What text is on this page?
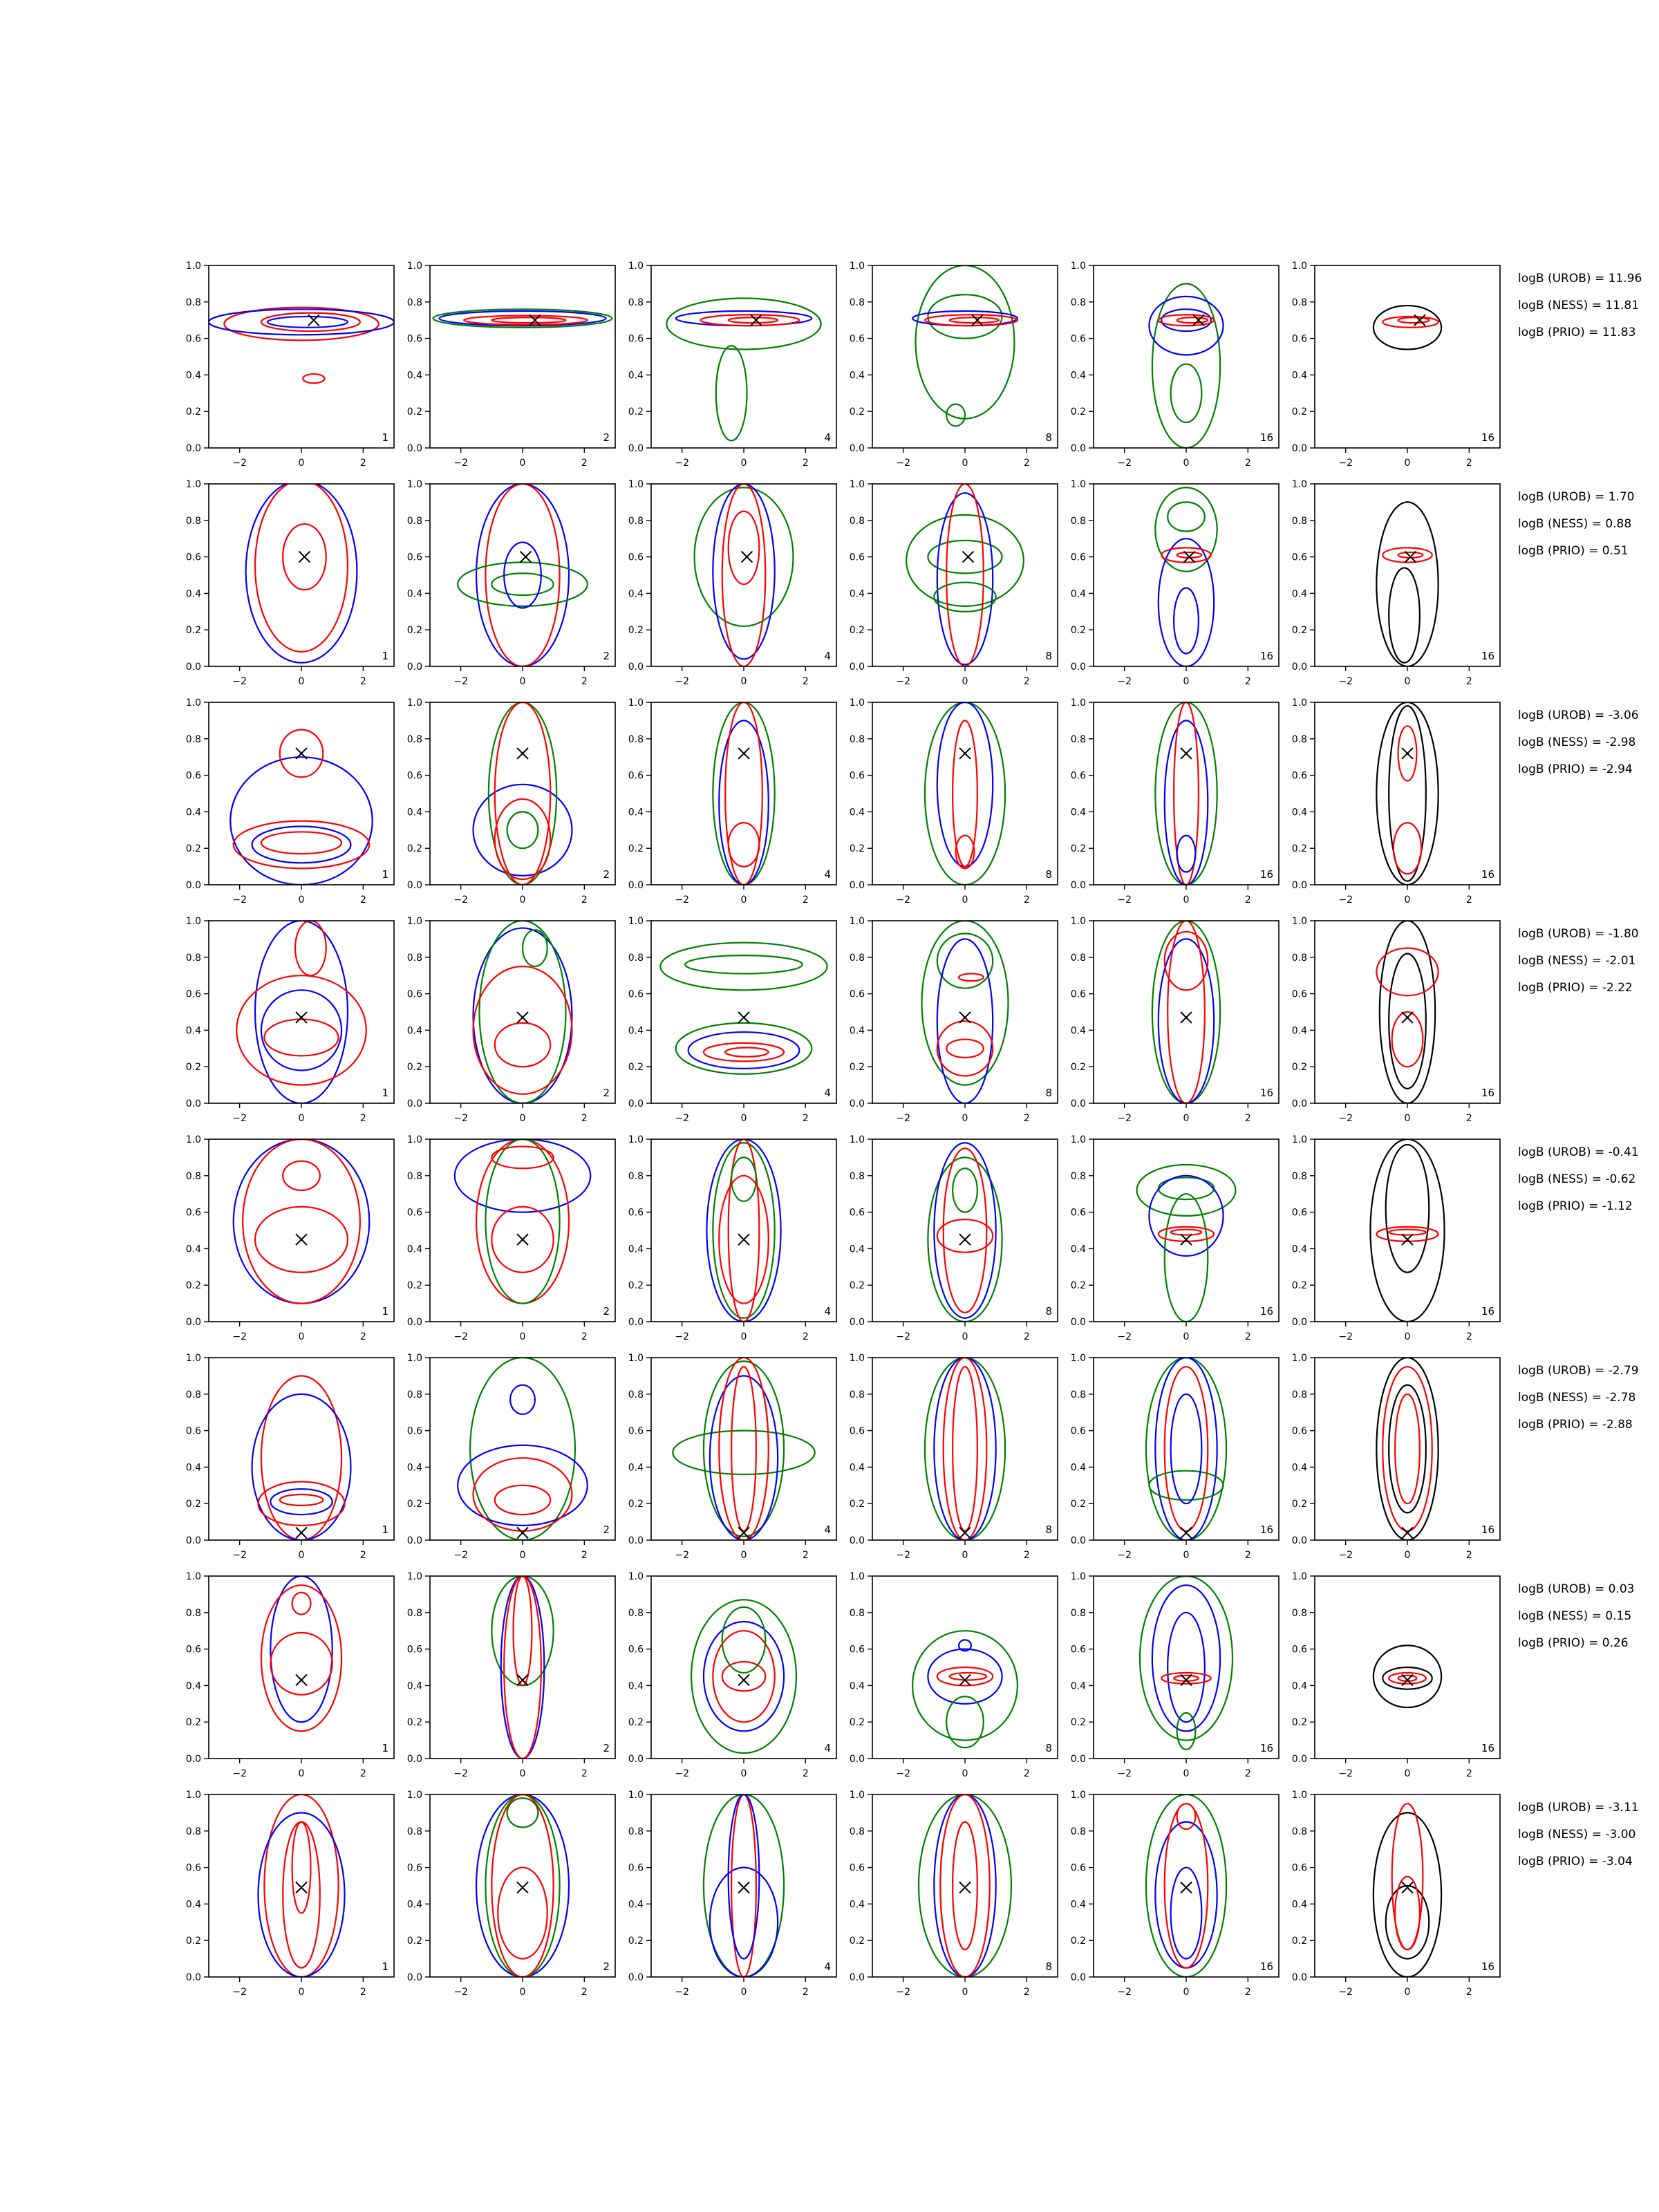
−2	0	2
0.0
0.2
0.4
0.6
0.8
1.0
1
−2	0	2
0.0
0.2
0.4
0.6
0.8
1.0
2
−2	0	2
0.0
0.2
0.4
0.6
0.8
1.0
4
−2	0	2
0.0
0.2
0.4
0.6
0.8
1.0
8
−2	0	2
0.0
0.2
0.4
0.6
0.8
1.0
16
−2	0	2
0.0
0.2
0.4
0.6
0.8
1.0
16
logB (UROB) = 11.96
logB (NESS) = 11.81
logB (PRIO) = 11.83
−2	0	2
0.0
0.2
0.4
0.6
0.8
1.0
1
−2	0	2
0.0
0.2
0.4
0.6
0.8
1.0
2
−2	0	2
0.0
0.2
0.4
0.6
0.8
1.0
4
−2	0	2
0.0
0.2
0.4
0.6
0.8
1.0
8
−2	0	2
0.0
0.2
0.4
0.6
0.8
1.0
16
−2	0	2
0.0
0.2
0.4
0.6
0.8
1.0
16
logB (UROB) = 1.70
logB (NESS) = 0.88
logB (PRIO) = 0.51
−2	0	2
0.0
0.2
0.4
0.6
0.8
1.0
1
−2	0	2
0.0
0.2
0.4
0.6
0.8
1.0
2
−2	0	2
0.0
0.2
0.4
0.6
0.8
1.0
4
−2	0	2
0.0
0.2
0.4
0.6
0.8
1.0
8
−2	0	2
0.0
0.2
0.4
0.6
0.8
1.0
16
−2	0	2
0.0
0.2
0.4
0.6
0.8
1.0
16
logB (UROB) = -3.06
logB (NESS) = -2.98
logB (PRIO) = -2.94
−2	0	2
0.0
0.2
0.4
0.6
0.8
1.0
1
−2	0	2
0.0
0.2
0.4
0.6
0.8
1.0
2
−2	0	2
0.0
0.2
0.4
0.6
0.8
1.0
4
−2	0	2
0.0
0.2
0.4
0.6
0.8
1.0
8
−2	0	2
0.0
0.2
0.4
0.6
0.8
1.0
16
−2	0	2
0.0
0.2
0.4
0.6
0.8
1.0
16
logB (UROB) = -1.80
logB (NESS) = -2.01
logB (PRIO) = -2.22
−2	0	2
0.0
0.2
0.4
0.6
0.8
1.0
1
−2	0	2
0.0
0.2
0.4
0.6
0.8
1.0
2
−2	0	2
0.0
0.2
0.4
0.6
0.8
1.0
4
−2	0	2
0.0
0.2
0.4
0.6
0.8
1.0
8
−2	0	2
0.0
0.2
0.4
0.6
0.8
1.0
16
−2	0	2
0.0
0.2
0.4
0.6
0.8
1.0
16
logB (UROB) = -0.41
logB (NESS) = -0.62
logB (PRIO) = -1.12
−2	0	2
0.0
0.2
0.4
0.6
0.8
1.0
1
−2	0	2
0.0
0.2
0.4
0.6
0.8
1.0
2
−2	0	2
0.0
0.2
0.4
0.6
0.8
1.0
4
−2	0	2
0.0
0.2
0.4
0.6
0.8
1.0
8
−2	0	2
0.0
0.2
0.4
0.6
0.8
1.0
16
−2	0	2
0.0
0.2
0.4
0.6
0.8
1.0
16
logB (UROB) = -2.79
logB (NESS) = -2.78
logB (PRIO) = -2.88
−2	0	2
0.0
0.2
0.4
0.6
0.8
1.0
1
−2	0	2
0.0
0.2
0.4
0.6
0.8
1.0
2
−2	0	2
0.0
0.2
0.4
0.6
0.8
1.0
4
−2	0	2
0.0
0.2
0.4
0.6
0.8
1.0
8
−2	0	2
0.0
0.2
0.4
0.6
0.8
1.0
16
−2	0	2
0.0
0.2
0.4
0.6
0.8
1.0
16
logB (UROB) = 0.03
logB (NESS) = 0.15
logB (PRIO) = 0.26
−2	0	2
0.0
0.2
0.4
0.6
0.8
1.0
1
−2	0	2
0.0
0.2
0.4
0.6
0.8
1.0
2
−2	0	2
0.0
0.2
0.4
0.6
0.8
1.0
4
−2	0	2
0.0
0.2
0.4
0.6
0.8
1.0
8
−2	0	2
0.0
0.2
0.4
0.6
0.8
1.0
16
−2	0	2
0.0
0.2
0.4
0.6
0.8
1.0
16
logB (UROB) = -3.11
logB (NESS) = -3.00
logB (PRIO) = -3.04
